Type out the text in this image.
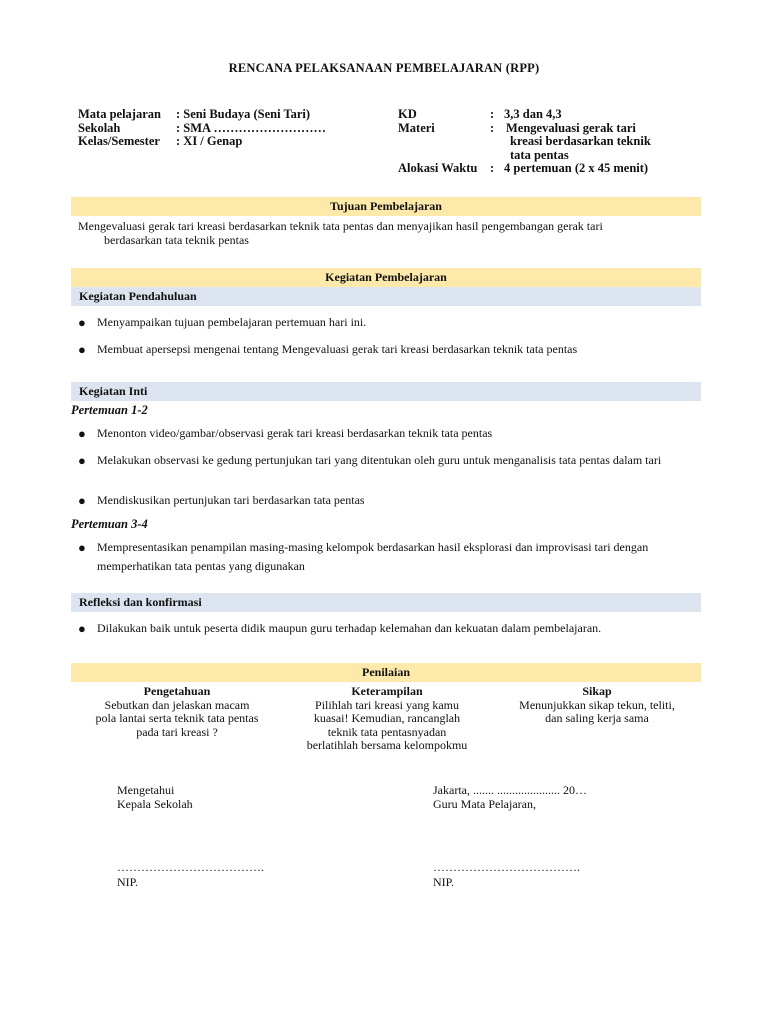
RENCANA PELAKSANAAN PEMBELAJARAN (RPP)
Mata pelajaran	: Seni Budaya (Seni Tari)
Sekolah	: SMA ………………………
Kelas/Semester	: XI / Genap
KD	: 3,3 dan 4,3
Materi	: Mengevaluasi gerak tari
kreasi berdasarkan teknik
tata pentas
Alokasi Waktu	: 4 pertemuan (2 x 45 menit)
Tujuan Pembelajaran
Mengevaluasi gerak tari kreasi berdasarkan teknik tata pentas dan menyajikan hasil pengembangan gerak tari
berdasarkan tata teknik pentas
Kegiatan Pembelajaran
Kegiatan Pendahuluan
● Menyampaikan tujuan pembelajaran pertemuan hari ini.
● Membuat apersepsi mengenai tentang Mengevaluasi gerak tari kreasi berdasarkan teknik tata pentas
Kegiatan Inti
Pertemuan 1-2
● Menonton video/gambar/observasi gerak tari kreasi berdasarkan teknik tata pentas
● Melakukan observasi ke gedung pertunjukan tari yang ditentukan oleh guru untuk menganalisis tata pentas dalam tari
● Mendiskusikan pertunjukan tari berdasarkan tata pentas
Pertemuan 3-4
● Mempresentasikan penampilan masing-masing kelompok berdasarkan hasil eksplorasi dan improvisasi tari dengan memperhatikan tata pentas yang digunakan
Refleksi dan konfirmasi
● Dilakukan baik untuk peserta didik maupun guru terhadap kelemahan dan kekuatan dalam pembelajaran.
Penilaian
Pengetahuan
Sebutkan dan jelaskan macam
pola lantai serta teknik tata pentas
pada tari kreasi ?
Keterampilan
Pilihlah tari kreasi yang kamu
kuasai! Kemudian, rancanglah
teknik tata pentasnyadan
berlatihlah bersama kelompokmu
Sikap
Menunjukkan sikap tekun, teliti,
dan saling kerja sama
Mengetahui
Kepala Sekolah
……………………………….
NIP.
Jakarta, ....... ..................... 20…
Guru Mata Pelajaran,
……………………………….
NIP.
